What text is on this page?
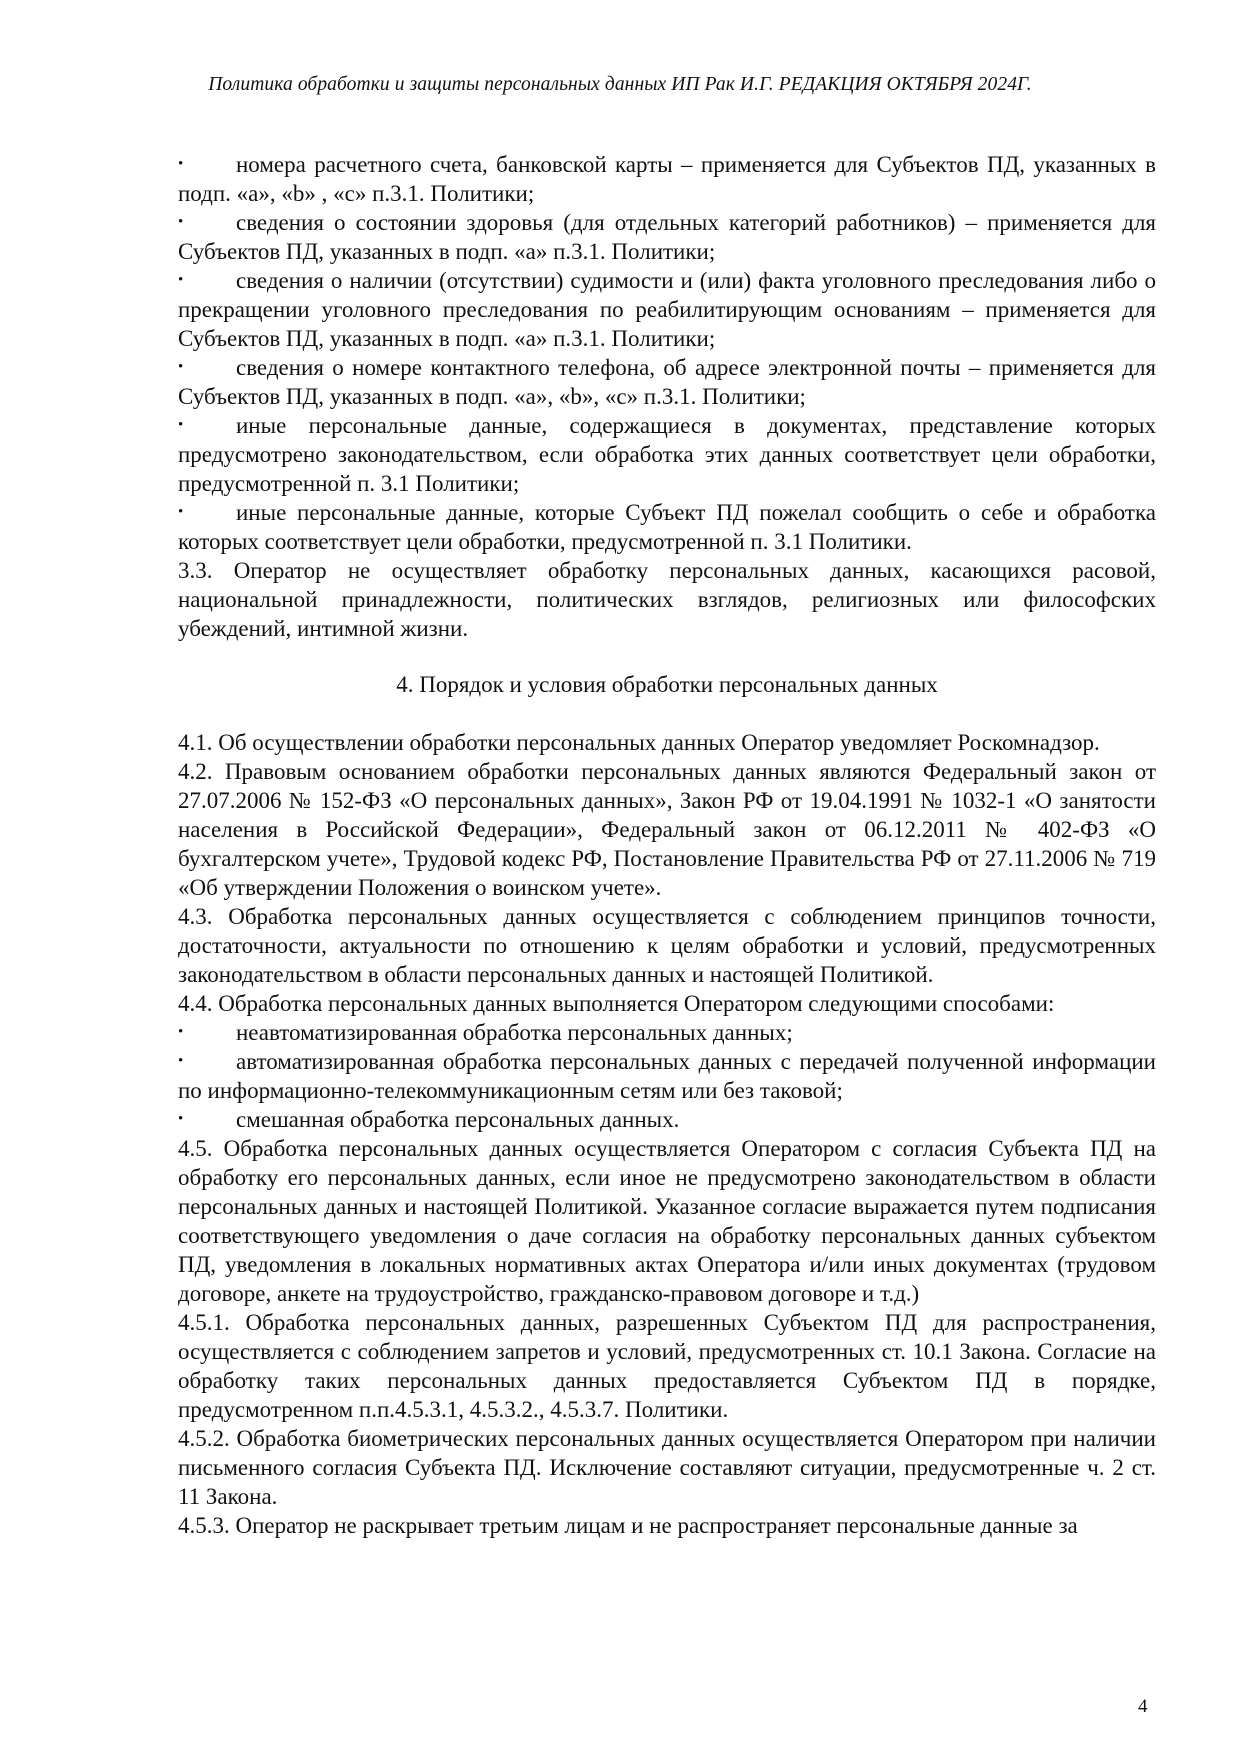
Политика обработки и защиты персональных данных ИП Рак И.Г. РЕДАКЦИЯ ОКТЯБРЯ 2024Г.
• номера расчетного счета, банковской карты – применяется для Субъектов ПД, указанных в подп. «а», «b» , «c» п.3.1. Политики;
• сведения о состоянии здоровья (для отдельных категорий работников) – применяется для Субъектов ПД, указанных в подп. «а» п.3.1. Политики;
• сведения о наличии (отсутствии) судимости и (или) факта уголовного преследования либо о прекращении уголовного преследования по реабилитирующим основаниям – применяется для Субъектов ПД, указанных в подп. «а» п.3.1. Политики;
• сведения о номере контактного телефона, об адресе электронной почты – применяется для Субъектов ПД, указанных в подп. «а», «b», «c» п.3.1. Политики;
• иные персональные данные, содержащиеся в документах, представление которых предусмотрено законодательством, если обработка этих данных соответствует цели обработки, предусмотренной п. 3.1 Политики;
• иные персональные данные, которые Субъект ПД пожелал сообщить о себе и обработка которых соответствует цели обработки, предусмотренной п. 3.1 Политики.
3.3. Оператор не осуществляет обработку персональных данных, касающихся расовой, национальной принадлежности, политических взглядов, религиозных или философских убеждений, интимной жизни.
4. Порядок и условия обработки персональных данных
4.1. Об осуществлении обработки персональных данных Оператор уведомляет Роскомнадзор.
4.2. Правовым основанием обработки персональных данных являются Федеральный закон от 27.07.2006 № 152-ФЗ «О персональных данных», Закон РФ от 19.04.1991 № 1032-1 «О занятости населения в Российской Федерации», Федеральный закон от 06.12.2011 № 402-ФЗ «О бухгалтерском учете», Трудовой кодекс РФ, Постановление Правительства РФ от 27.11.2006 № 719 «Об утверждении Положения о воинском учете».
4.3. Обработка персональных данных осуществляется с соблюдением принципов точности, достаточности, актуальности по отношению к целям обработки и условий, предусмотренных законодательством в области персональных данных и настоящей Политикой.
4.4. Обработка персональных данных выполняется Оператором следующими способами:
• неавтоматизированная обработка персональных данных;
• автоматизированная обработка персональных данных с передачей полученной информации по информационно-телекоммуникационным сетям или без таковой;
• смешанная обработка персональных данных.
4.5. Обработка персональных данных осуществляется Оператором с согласия Субъекта ПД на обработку его персональных данных, если иное не предусмотрено законодательством в области персональных данных и настоящей Политикой. Указанное согласие выражается путем подписания соответствующего уведомления о даче согласия на обработку персональных данных субъектом ПД, уведомления в локальных нормативных актах Оператора и/или иных документах (трудовом договоре, анкете на трудоустройство, гражданско-правовом договоре и т.д.)
4.5.1. Обработка персональных данных, разрешенных Субъектом ПД для распространения, осуществляется с соблюдением запретов и условий, предусмотренных ст. 10.1 Закона. Согласие на обработку таких персональных данных предоставляется Субъектом ПД в порядке, предусмотренном п.п.4.5.3.1, 4.5.3.2., 4.5.3.7. Политики.
4.5.2. Обработка биометрических персональных данных осуществляется Оператором при наличии письменного согласия Субъекта ПД. Исключение составляют ситуации, предусмотренные ч. 2 ст. 11 Закона.
4.5.3. Оператор не раскрывает третьим лицам и не распространяет персональные данные за
4
